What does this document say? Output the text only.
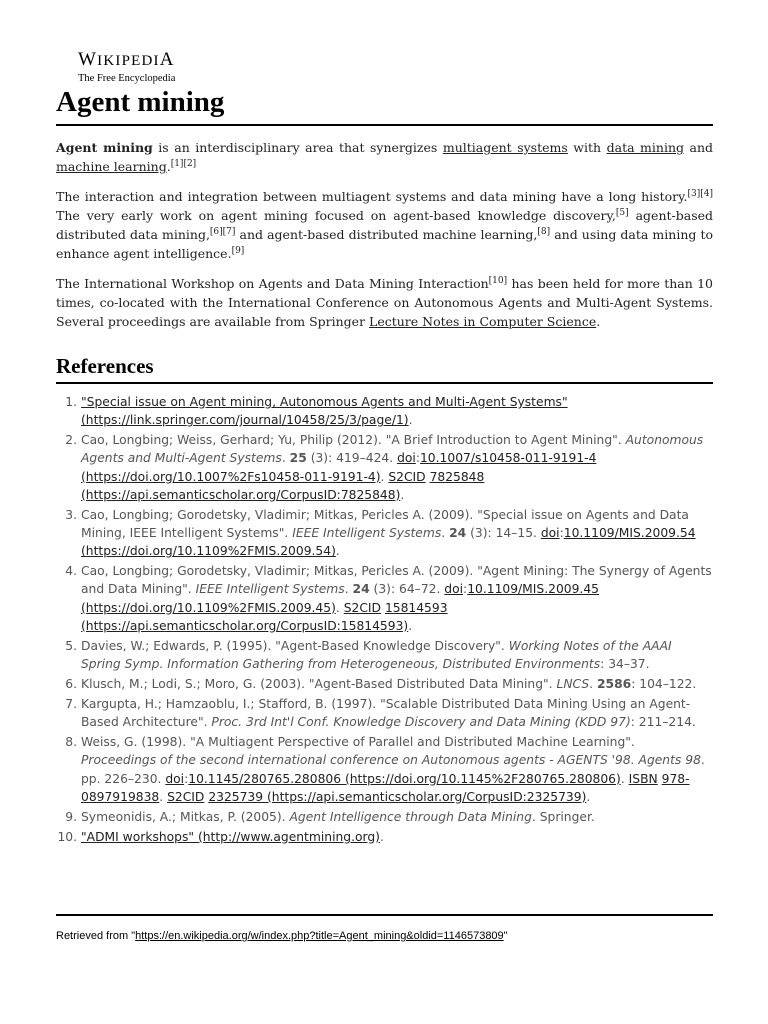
WIKIPEDIA
The Free Encyclopedia
Agent mining

Agent mining is an interdisciplinary area that synergizes multiagent systems with data mining and machine learning.[1][2]

The interaction and integration between multiagent systems and data mining have a long history.[3][4] The very early work on agent mining focused on agent-based knowledge discovery,[5] agent-based distributed data mining,[6][7] and agent-based distributed machine learning,[8] and using data mining to enhance agent intelligence.[9]

The International Workshop on Agents and Data Mining Interaction[10] has been held for more than 10 times, co-located with the International Conference on Autonomous Agents and Multi-Agent Systems. Several proceedings are available from Springer Lecture Notes in Computer Science.

References
1. "Special issue on Agent mining, Autonomous Agents and Multi-Agent Systems" (https://link.springer.com/journal/10458/25/3/page/1).
2. Cao, Longbing; Weiss, Gerhard; Yu, Philip (2012). "A Brief Introduction to Agent Mining". Autonomous Agents and Multi-Agent Systems. 25 (3): 419–424. doi:10.1007/s10458-011-9191-4 (https://doi.org/10.1007%2Fs10458-011-9191-4). S2CID 7825848 (https://api.semanticscholar.org/CorpusID:7825848).
3. Cao, Longbing; Gorodetsky, Vladimir; Mitkas, Pericles A. (2009). "Special issue on Agents and Data Mining, IEEE Intelligent Systems". IEEE Intelligent Systems. 24 (3): 14–15. doi:10.1109/MIS.2009.54 (https://doi.org/10.1109%2FMIS.2009.54).
4. Cao, Longbing; Gorodetsky, Vladimir; Mitkas, Pericles A. (2009). "Agent Mining: The Synergy of Agents and Data Mining". IEEE Intelligent Systems. 24 (3): 64–72. doi:10.1109/MIS.2009.45 (https://doi.org/10.1109%2FMIS.2009.45). S2CID 15814593 (https://api.semanticscholar.org/CorpusID:15814593).
5. Davies, W.; Edwards, P. (1995). "Agent-Based Knowledge Discovery". Working Notes of the AAAI Spring Symp. Information Gathering from Heterogeneous, Distributed Environments: 34–37.
6. Klusch, M.; Lodi, S.; Moro, G. (2003). "Agent-Based Distributed Data Mining". LNCS. 2586: 104–122.
7. Kargupta, H.; Hamzaoblu, I.; Stafford, B. (1997). "Scalable Distributed Data Mining Using an Agent-Based Architecture". Proc. 3rd Int'l Conf. Knowledge Discovery and Data Mining (KDD 97): 211–214.
8. Weiss, G. (1998). "A Multiagent Perspective of Parallel and Distributed Machine Learning". Proceedings of the second international conference on Autonomous agents - AGENTS '98. Agents 98. pp. 226–230. doi:10.1145/280765.280806 (https://doi.org/10.1145%2F280765.280806). ISBN 978-0897919838. S2CID 2325739 (https://api.semanticscholar.org/CorpusID:2325739).
9. Symeonidis, A.; Mitkas, P. (2005). Agent Intelligence through Data Mining. Springer.
10. "ADMI workshops" (http://www.agentmining.org).
Retrieved from "https://en.wikipedia.org/w/index.php?title=Agent_mining&oldid=1146573809"
